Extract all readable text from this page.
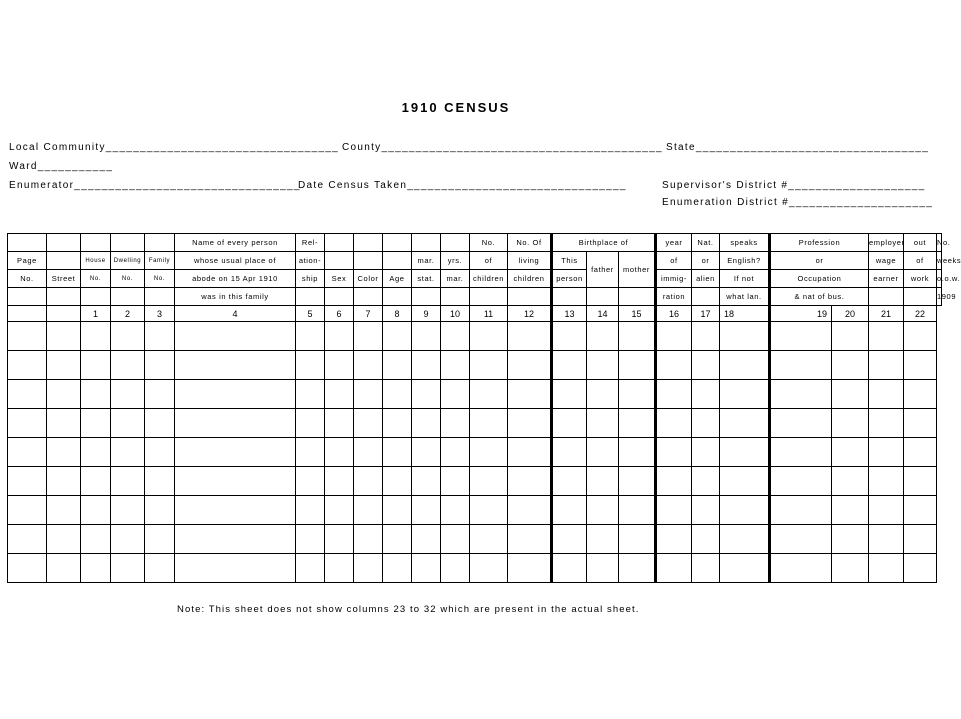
1910 CENSUS
Local Community__________________________________ County_________________________________________ State__________________________________
Ward___________
Enumerator_________________________________
Date Census Taken________________________________	Supervisor's District #____________________
Enumeration District #_____________________
					Name of every person	Rel-						No.	No. Of	Birthplace of			year	Nat.	speaks	Profession		employer	out	No.
Page		House	Dwelling	Family	whose usual place of	ation-				mar.	yrs.	of	living	This	father	mother	of	or	English?	or		wage	of	weeks
No.	Street	No.	No.	No.	abode on 15 Apr 1910	ship	Sex	Color	Age	stat.	mar.	children	children	person			immig-	alien	If not	Occupation		earner	work	o.o.w.
					was in this family												ration		what lan.	& nat of bus.				1909
		1	2	3	4	5	6	7	8	9	10	11	12	13	14	15	16	17	18	19	20	21	22	

Note: This sheet does not show columns 23 to 32 which are present in the actual sheet.
